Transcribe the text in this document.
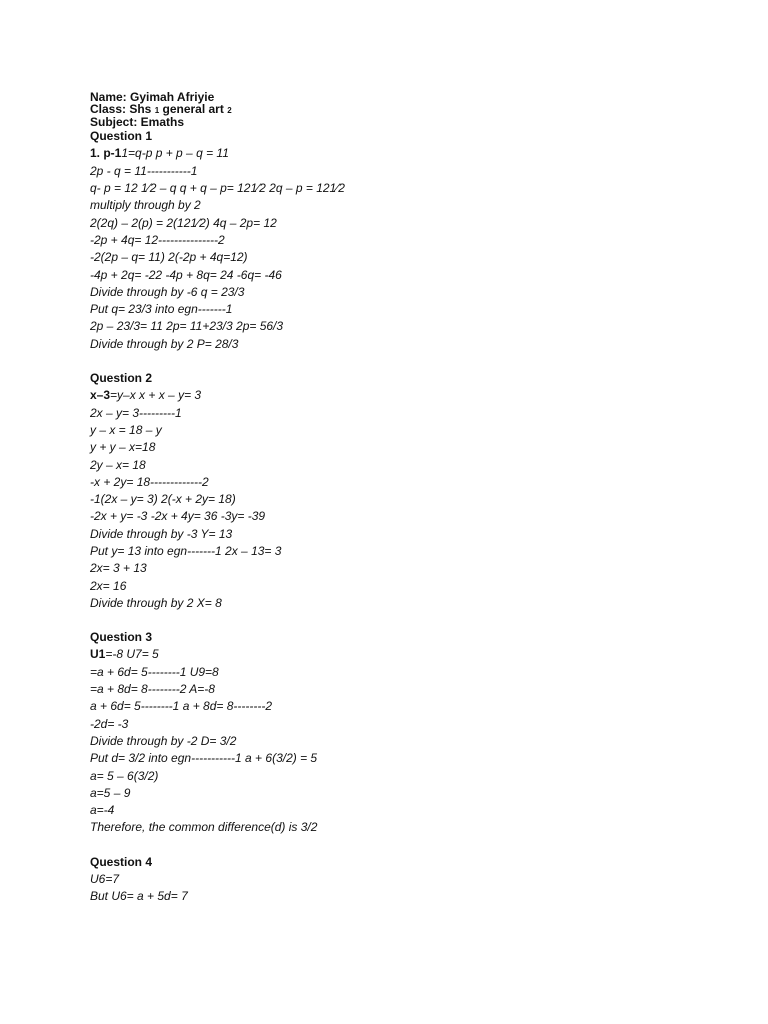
Name: Gyimah Afriyie
Class: Shs 1 general art 2
Subject: Emaths
Question 1
1. p-11=q-p p + p – q = 11
2p - q = 11-----------1
q- p = 12 1⁄2 – q q + q – p= 121⁄2 2q – p = 121⁄2
multiply through by 2
2(2q) – 2(p) = 2(121⁄2) 4q – 2p= 12
-2p + 4q= 12---------------2
-2(2p – q= 11) 2(-2p + 4q=12)
-4p + 2q= -22 -4p + 8q= 24 -6q= -46
Divide through by -6 q = 23/3
Put q= 23/3 into egn-------1
2p – 23/3= 11 2p= 11+23/3 2p= 56/3
Divide through by 2 P= 28/3
Question 2
x–3=y–x x + x – y= 3
2x – y= 3---------1
y – x = 18 – y
y + y – x=18
2y – x= 18
-x + 2y= 18-------------2
-1(2x – y= 3) 2(-x + 2y= 18)
-2x + y= -3 -2x + 4y= 36 -3y= -39
Divide through by -3 Y= 13
Put y= 13 into egn-------1 2x – 13= 3
2x= 3 + 13
2x= 16
Divide through by 2 X= 8
Question 3
U1=-8 U7= 5
=a + 6d= 5--------1 U9=8
=a + 8d= 8--------2 A=-8
a + 6d= 5--------1 a + 8d= 8--------2
-2d= -3
Divide through by -2 D= 3/2
Put d= 3/2 into egn-----------1 a + 6(3/2) = 5
a= 5 – 6(3/2)
a=5 – 9
a=-4
Therefore, the common difference(d) is 3/2
Question 4
U6=7
But U6= a + 5d= 7
